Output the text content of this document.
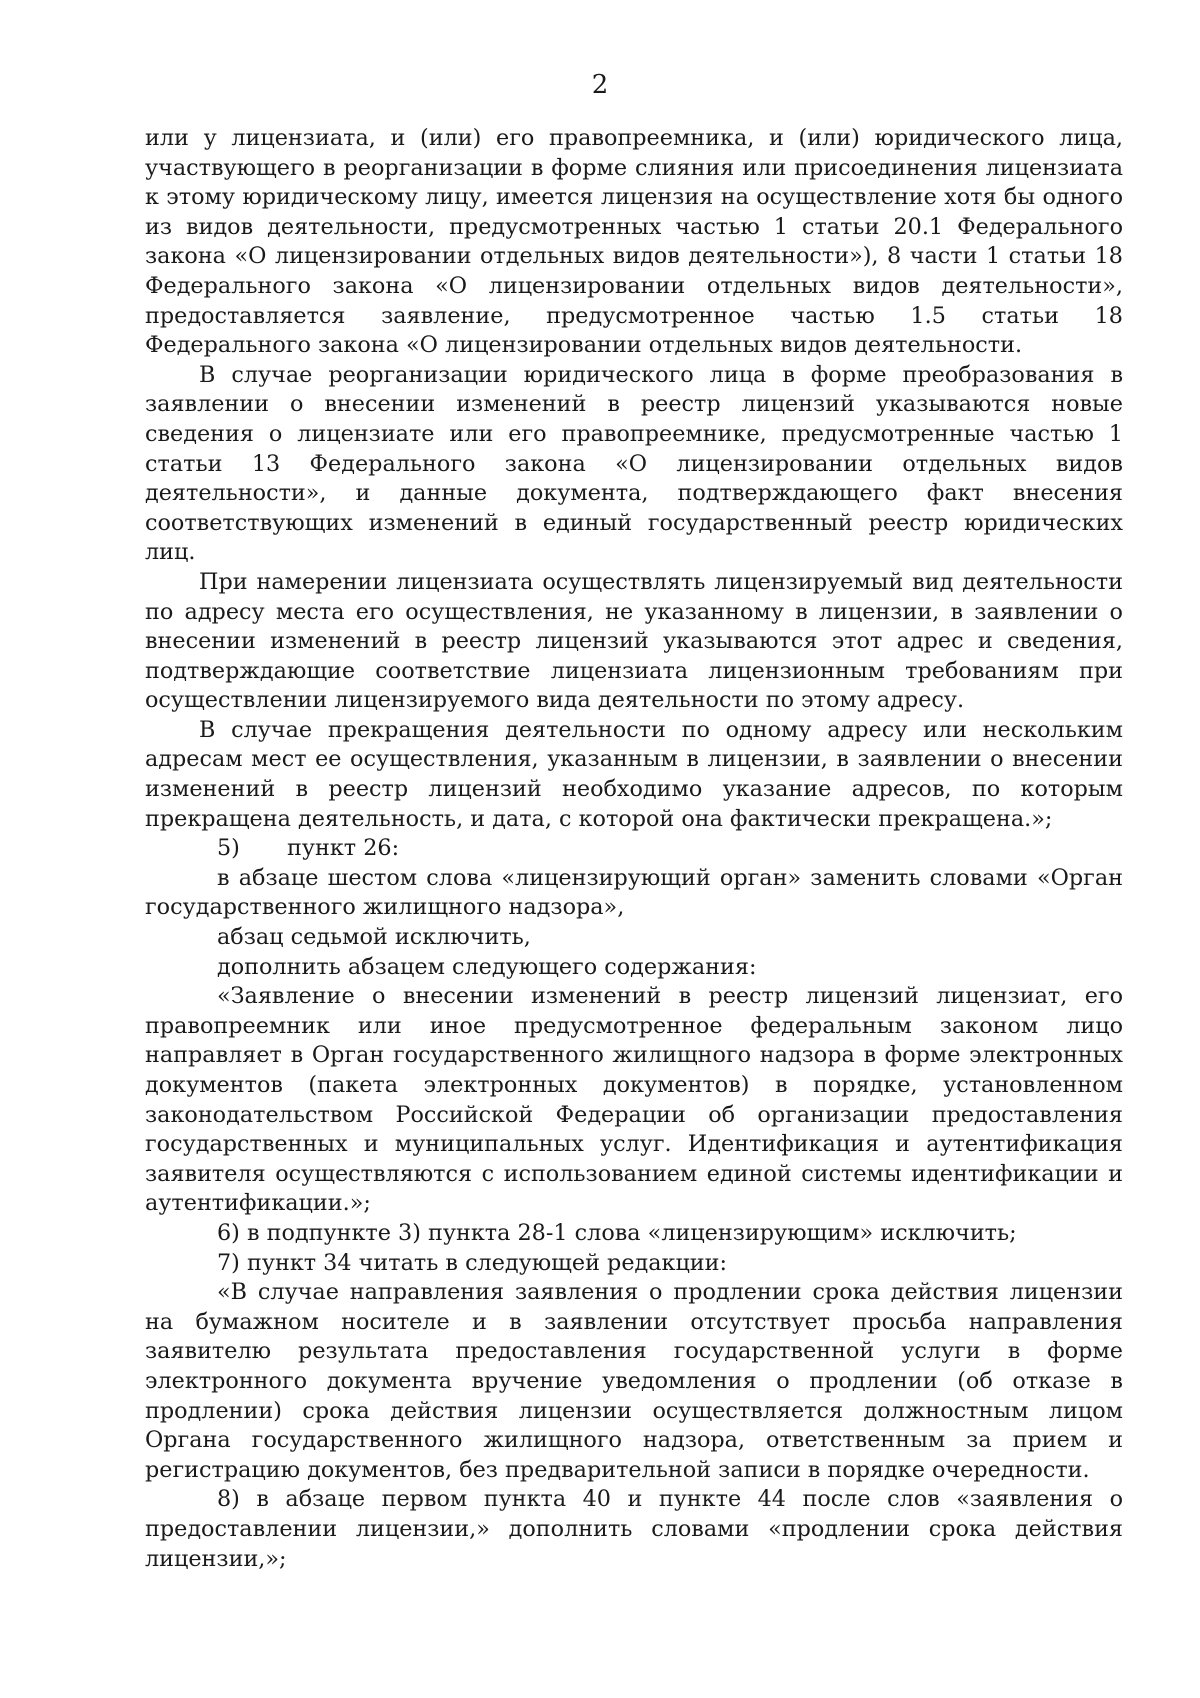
2

или у лицензиата, и (или) его правопреемника, и (или) юридического лица, участвующего в реорганизации в форме слияния или присоединения лицензиата к этому юридическому лицу, имеется лицензия на осуществление хотя бы одного из видов деятельности, предусмотренных частью 1 статьи 20.1 Федерального закона «О лицензировании отдельных видов деятельности»), 8 части 1 статьи 18 Федерального закона «О лицензировании отдельных видов деятельности», предоставляется заявление, предусмотренное частью 1.5 статьи 18 Федерального закона «О лицензировании отдельных видов деятельности.

В случае реорганизации юридического лица в форме преобразования в заявлении о внесении изменений в реестр лицензий указываются новые сведения о лицензиате или его правопреемнике, предусмотренные частью 1 статьи 13 Федерального закона «О лицензировании отдельных видов деятельности», и данные документа, подтверждающего факт внесения соответствующих изменений в единый государственный реестр юридических лиц.

При намерении лицензиата осуществлять лицензируемый вид деятельности по адресу места его осуществления, не указанному в лицензии, в заявлении о внесении изменений в реестр лицензий указываются этот адрес и сведения, подтверждающие соответствие лицензиата лицензионным требованиям при осуществлении лицензируемого вида деятельности по этому адресу.

В случае прекращения деятельности по одному адресу или нескольким адресам мест ее осуществления, указанным в лицензии, в заявлении о внесении изменений в реестр лицензий необходимо указание адресов, по которым прекращена деятельность, и дата, с которой она фактически прекращена.»;

5) пункт 26:

в абзаце шестом слова «лицензирующий орган» заменить словами «Орган государственного жилищного надзора»,

абзац седьмой исключить,

дополнить абзацем следующего содержания:

«Заявление о внесении изменений в реестр лицензий лицензиат, его правопреемник или иное предусмотренное федеральным законом лицо направляет в Орган государственного жилищного надзора в форме электронных документов (пакета электронных документов) в порядке, установленном законодательством Российской Федерации об организации предоставления государственных и муниципальных услуг. Идентификация и аутентификация заявителя осуществляются с использованием единой системы идентификации и аутентификации.»;

6) в подпункте 3) пункта 28-1 слова «лицензирующим» исключить;

7) пункт 34 читать в следующей редакции:

«В случае направления заявления о продлении срока действия лицензии на бумажном носителе и в заявлении отсутствует просьба направления заявителю результата предоставления государственной услуги в форме электронного документа вручение уведомления о продлении (об отказе в продлении) срока действия лицензии осуществляется должностным лицом Органа государственного жилищного надзора, ответственным за прием и регистрацию документов, без предварительной записи в порядке очередности.

8) в абзаце первом пункта 40 и пункте 44 после слов «заявления о предоставлении лицензии,» дополнить словами «продлении срока действия лицензии,»;
